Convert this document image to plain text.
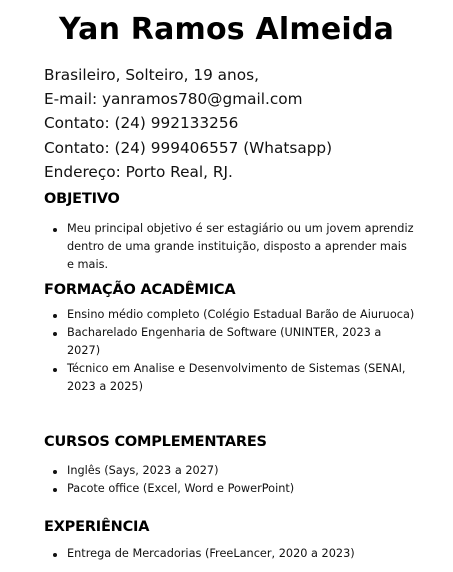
Yan Ramos Almeida
Brasileiro, Solteiro, 19 anos,
E-mail: yanramos780@gmail.com
Contato: (24) 992133256
Contato: (24) 999406557 (Whatsapp)
Endereço: Porto Real, RJ.
OBJETIVO
Meu principal objetivo é ser estagiário ou um jovem aprendiz dentro de uma grande instituição, disposto a aprender mais e mais.
FORMAÇÃO ACADÊMICA
Ensino médio completo (Colégio Estadual Barão de Aiuruoca)
Bacharelado Engenharia de Software (UNINTER, 2023 a 2027)
Técnico em Analise e Desenvolvimento de Sistemas (SENAI, 2023 a 2025)
CURSOS COMPLEMENTARES
Inglês (Says, 2023 a 2027)
Pacote office (Excel, Word e PowerPoint)
EXPERIÊNCIA
Entrega de Mercadorias (FreeLancer, 2020 a 2023)
